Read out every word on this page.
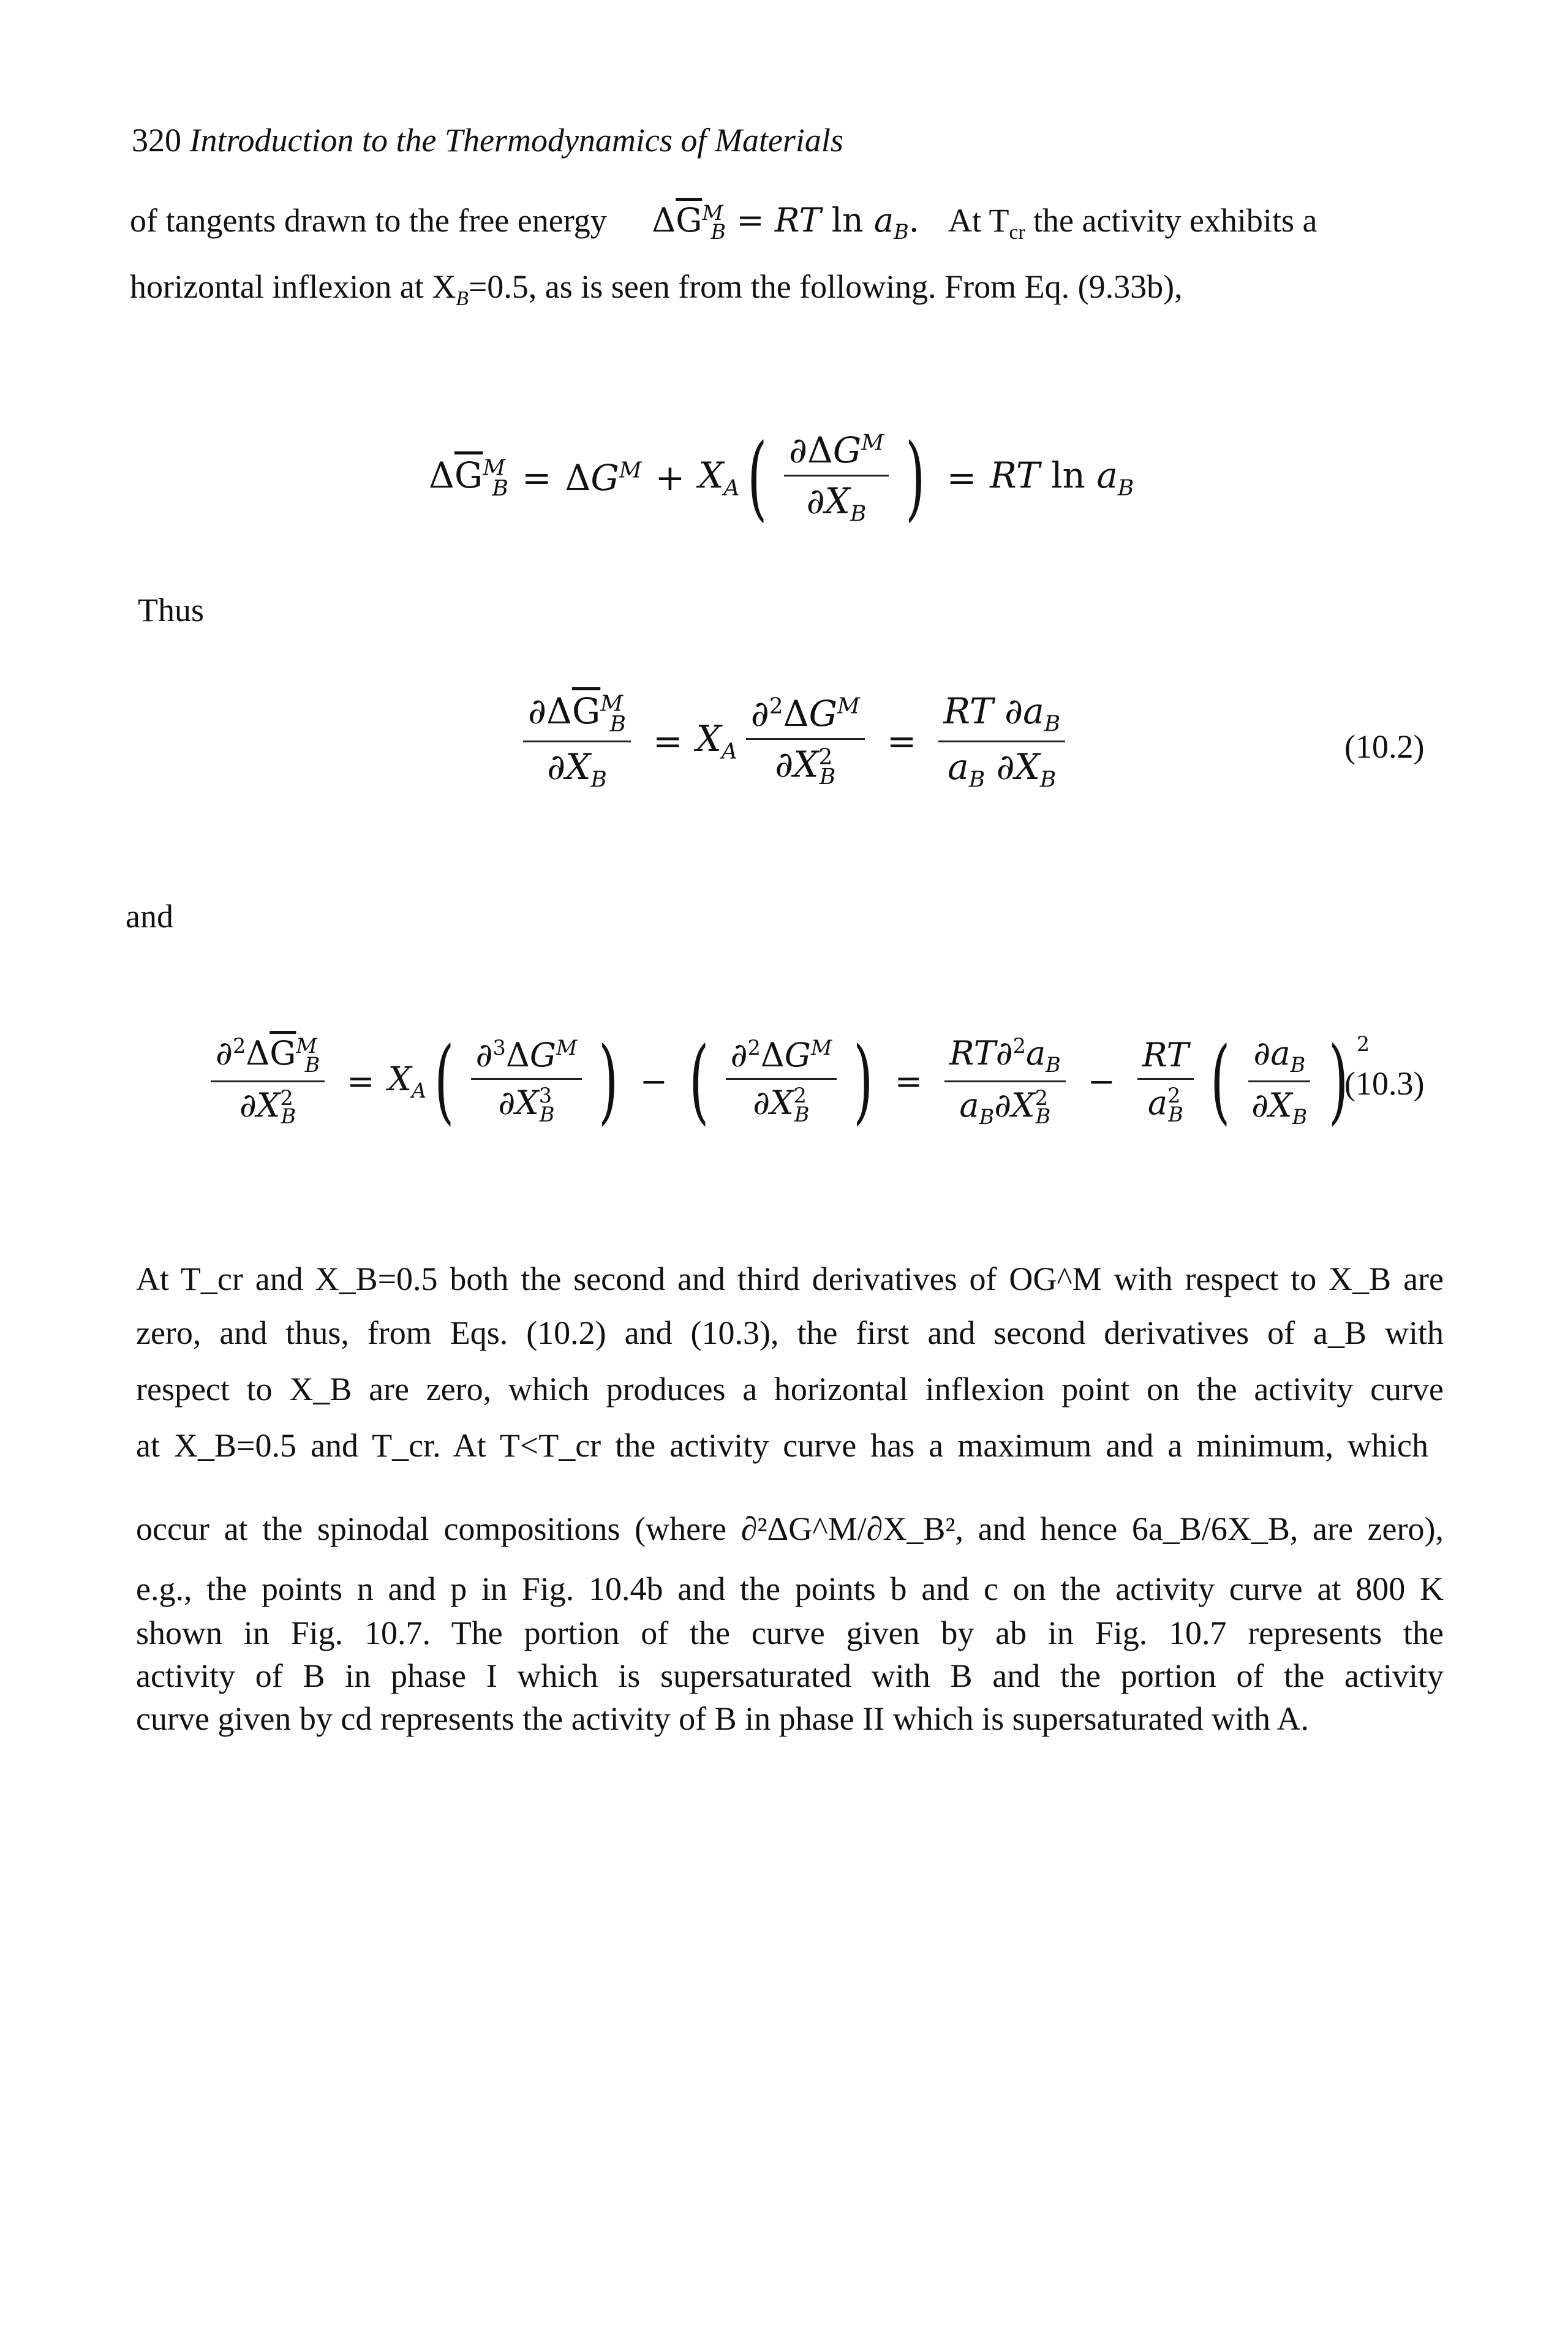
320 Introduction to the Thermodynamics of Materials
of tangents drawn to the free energy $\Delta\overline{G}^M_B$ = RT $\ln a_B$. At $T_{cr}$ the activity exhibits a
horizontal inflexion at $X_B=0.5$, as is seen from the following. From Eq. (9.33b),
$\Delta\overline{G}^M_B = \Delta G^M + X_A$ ( $\frac{\partial\Delta G^M}{\partial X_B}$ ) = RT $\ln a_B$
Thus
$\frac{\partial\Delta\overline{G}^M_B}{\partial X_B} = X_A \frac{\partial^2\Delta G^M}{\partial X^2_B} = \frac{RT \partial a_B}{a_B \partial X_B}$	(10.2)
and
$\frac{\partial^2\Delta\overline{G}^M_B}{\partial X^2_B} = X_A$ ( $\frac{\partial^3\Delta G^M}{\partial X^3_B}$ ) − ( $\frac{\partial^2\Delta G^M}{\partial X^2_B}$ ) = $\frac{RT\partial^2a_B}{a_B\partial X^2_B} - \frac{RT}{a^2_B}$ ( $\frac{\partial a_B}{\partial X_B}$ ) $^2$
(10.3)
At T_cr and X_B=0.5 both the second and third derivatives of OG^M with respect to X_B are
zero, and thus, from Eqs. (10.2) and (10.3), the first and second derivatives of a_B with
respect to X_B are zero, which produces a horizontal inflexion point on the activity curve
at X_B=0.5 and T_cr. At T<T_cr the activity curve has a maximum and a minimum, which
occur at the spinodal compositions (where ∂²ΔG^M/∂X_B², and hence 6a_B/6X_B, are zero),
e.g., the points n and p in Fig. 10.4b and the points b and c on the activity curve at 800 K
shown in Fig. 10.7. The portion of the curve given by ab in Fig. 10.7 represents the
activity of B in phase I which is supersaturated with B and the portion of the activity
curve given by cd represents the activity of B in phase II which is supersaturated with A.
